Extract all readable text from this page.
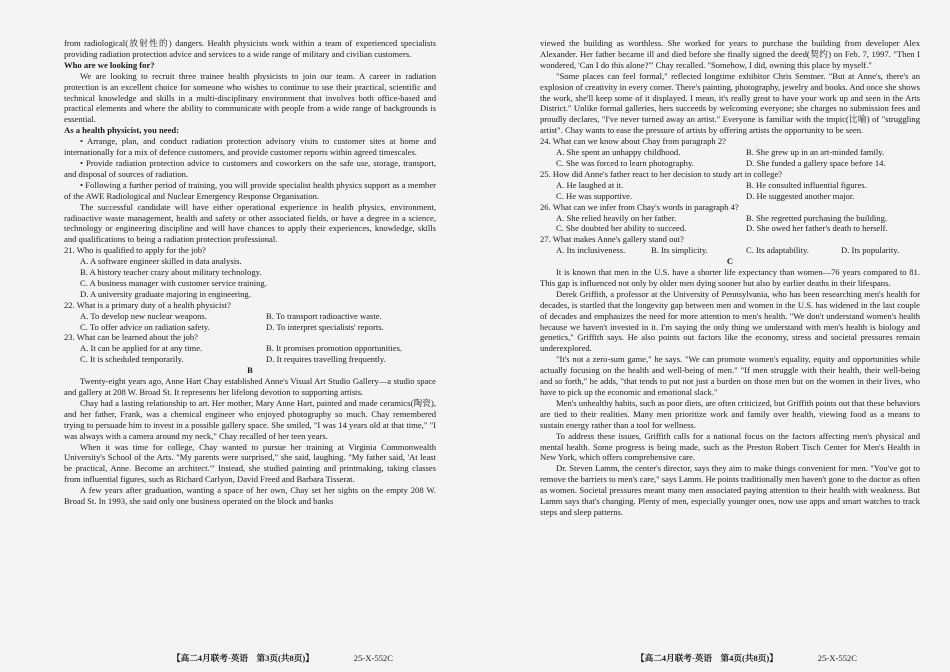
from radiological(放射性的) dangers. Health physicists work within a team of experienced specialists providing radiation protection advice and services to a wide range of military and civilian customers.

Who are we looking for?

We are looking to recruit three trainee health physicists to join our team. A career in radiation protection is an excellent choice for someone who wishes to continue to use their practical, scientific and technical knowledge and skills in a multi-disciplinary environment that involves both office-based and practical elements and where the ability to communicate with people from a wide range of backgrounds is essential.

As a health physicist, you need:

• Arrange, plan, and conduct radiation protection advisory visits to customer sites at home and internationally for a mix of defence customers, and provide customer reports within agreed timescales.

• Provide radiation protection advice to customers and coworkers on the safe use, storage, transport, and disposal of sources of radiation.

• Following a further period of training, you will provide specialist health physics support as a member of the AWE Radiological and Nuclear Emergency Response Organisation.

The successful candidate will have either operational experience in health physics, environment, radioactive waste management, health and safety or other associated fields, or have a degree in a science, technology or engineering discipline and will have chances to apply their experiences, knowledge, skills and qualifications to being a radiation protection professional.

21. Who is qualified to apply for the job?

A. A software engineer skilled in data analysis.

B. A history teacher crazy about military technology.

C. A business manager with customer service training.

D. A university graduate majoring in engineering.

22. What is a primary duty of a health physicist?

A. To develop new nuclear weapons.	B. To transport radioactive waste.
C. To offer advice on radiation safety.	D. To interpret specialists' reports.

23. What can be learned about the job?

A. It can be applied for at any time.	B. It promises promotion opportunities.
C. It is scheduled temporarily.	D. It requires travelling frequently.

B

Twenty-eight years ago, Anne Hart Chay established Anne's Visual Art Studio Gallery—a studio space and gallery at 208 W. Broad St. It represents her lifelong devotion to supporting artists.

Chay had a lasting relationship to art. Her mother, Mary Anne Hart, painted and made ceramics(陶瓷), and her father, Frank, was a chemical engineer who enjoyed photography so much. Chay remembered trying to persuade him to invest in a possible gallery space. She smiled, "I was 14 years old at that time," "I was always with a camera around my neck," Chay recalled of her teen years.

When it was time for college, Chay wanted to pursue her training at Virginia Commonwealth University's School of the Arts. "My parents were surprised," she said, laughing. "My father said, 'At least be practical, Anne. Become an architect.'" Instead, she studied painting and printmaking, taking classes from influential figures, such as Richard Carlyon, David Freed and Barbara Tisserat.

A few years after graduation, wanting a space of her own, Chay set her sights on the empty 208 W. Broad St. In 1993, she said only one business operated on the block and banks

viewed the building as worthless. She worked for years to purchase the building from developer Alex Alexander. Her father became ill and died before she finally signed the deed(契约) on Feb. 7, 1997. "Then I wondered, 'Can I do this alone?'" Chay recalled. "Somehow, I did, owning this place by myself."

"Some places can feel formal," reflected longtime exhibitor Chris Semtner. "But at Anne's, there's an explosion of creativity in every corner. There's painting, photography, jewelry and books. And once she shows the work, she'll keep some of it displayed. I mean, it's really great to have your work up and seen in the Arts District." Unlike formal galleries, hers succeeds by welcoming everyone; she charges no submission fees and proudly declares, "I've never turned away an artist." Everyone is familiar with the tmpic(比喻) of "struggling artist". Chay wants to ease the pressure of artists by offering artists the opportunity to be seen.

24. What can we know about Chay from paragraph 2?

A. She spent an unhappy childhood.	B. She grew up in an art-minded family.
C. She was forced to learn photography.	D. She funded a gallery space before 14.

25. How did Anne's father react to her decision to study art in college?

A. He laughed at it.	B. He consulted influential figures.
C. He was supportive.	D. He suggested another major.

26. What can we infer from Chay's words in paragraph 4?

A. She relied heavily on her father.	B. She regretted purchasing the building.
C. She doubted her ability to succeed.	D. She owed her father's death to herself.

27. What makes Anne's gallery stand out?

A. Its inclusiveness.	B. Its simplicity.	C. Its adaptability.	D. Its popularity.

C

It is known that men in the U.S. have a shorter life expectancy than women—76 years compared to 81. This gap is influenced not only by older men dying sooner but also by earlier deaths in their lifespans.

Derek Griffith, a professor at the University of Pennsylvania, who has been researching men's health for decades, is startled that the longevity gap between men and women in the U.S. has widened in the last couple of decades and emphasizes the need for more attention to men's health. "We don't understand women's health because we haven't invested in it. I'm saying the only thing we understand with men's health is biology and genetics," Griffith says. He also points out factors like the economy, stress and societal pressures remain underexplored.

"It's not a zero-sum game," he says. "We can promote women's equality, equity and opportunities while actually focusing on the health and well-being of men." "If men struggle with their health, their well-being and so forth," he adds, "that tends to put not just a burden on those men but on the women in their lives, who have to pick up the economic and emotional slack."

Men's unhealthy habits, such as poor diets, are often criticized, but Griffith points out that these behaviors are tied to their realities. Many men prioritize work and family over health, viewing food as a means to sustain energy rather than a tool for wellness.

To address these issues, Griffith calls for a national focus on the factors affecting men's physical and mental health. Some progress is being made, such as the Preston Robert Tisch Center for Men's Health in New York, which offers comprehensive care.

Dr. Steven Lamm, the center's director, says they aim to make things convenient for men. "You've got to remove the barriers to men's care," says Lamm. He points traditionally men haven't gone to the doctor as often as women. Societal pressures meant many men associated paying attention to their health with weakness. But Lamm says that's changing. Plenty of men, especially younger ones, now use apps and smart watches to track steps and sleep patterns.

【高二4月联考·英语　第3页(共8页)】	25-X-552C	【高二4月联考·英语　第4页(共8页)】	25-X-552C
